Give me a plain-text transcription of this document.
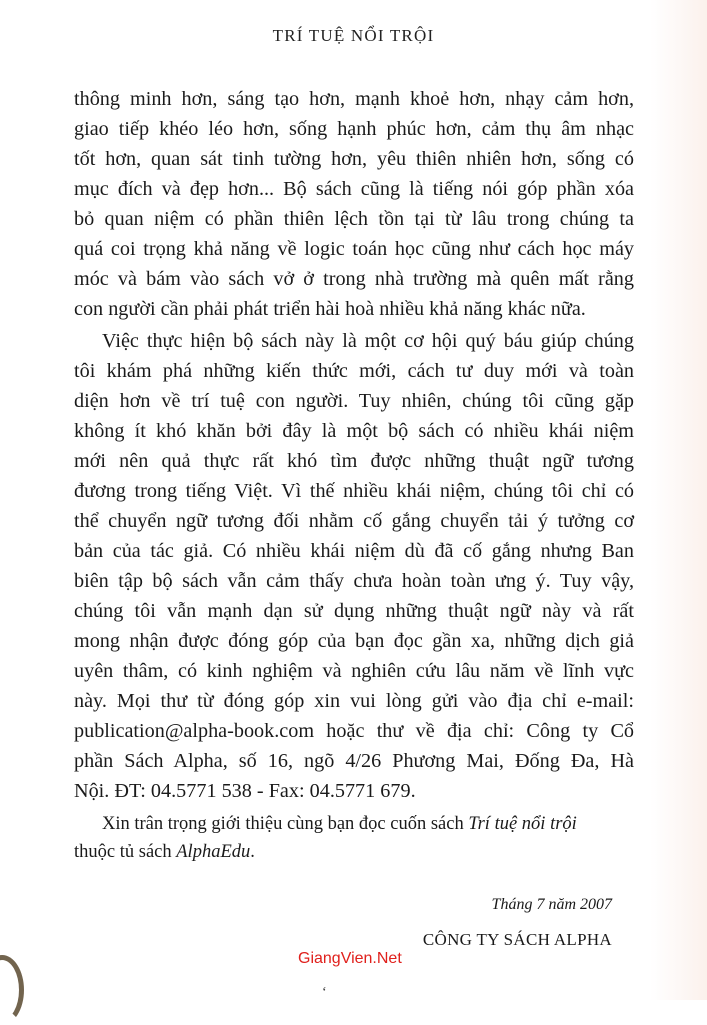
TRÍ TUỆ NỔI TRỘI
thông minh hơn, sáng tạo hơn, mạnh khoẻ hơn, nhạy cảm hơn,
giao tiếp khéo léo hơn, sống hạnh phúc hơn, cảm thụ âm nhạc
tốt hơn, quan sát tinh tường hơn, yêu thiên nhiên hơn, sống có
mục đích và đẹp hơn... Bộ sách cũng là tiếng nói góp phần xóa
bỏ quan niệm có phần thiên lệch tồn tại từ lâu trong chúng ta
quá coi trọng khả năng về logic toán học cũng như cách học máy
móc và bám vào sách vở ở trong nhà trường mà quên mất rằng
con người cần phải phát triển hài hoà nhiều khả năng khác nữa.
Việc thực hiện bộ sách này là một cơ hội quý báu giúp chúng
tôi khám phá những kiến thức mới, cách tư duy mới và toàn
diện hơn về trí tuệ con người. Tuy nhiên, chúng tôi cũng gặp
không ít khó khăn bởi đây là một bộ sách có nhiều khái niệm
mới nên quả thực rất khó tìm được những thuật ngữ tương
đương trong tiếng Việt. Vì thế nhiều khái niệm, chúng tôi chỉ có
thể chuyển ngữ tương đối nhằm cố gắng chuyển tải ý tưởng cơ
bản của tác giả. Có nhiều khái niệm dù đã cố gắng nhưng Ban
biên tập bộ sách vẫn cảm thấy chưa hoàn toàn ưng ý. Tuy vậy,
chúng tôi vẫn mạnh dạn sử dụng những thuật ngữ này và rất
mong nhận được đóng góp của bạn đọc gần xa, những dịch giả
uyên thâm, có kinh nghiệm và nghiên cứu lâu năm về lĩnh vực
này. Mọi thư từ đóng góp xin vui lòng gửi vào địa chỉ e-mail:
publication@alpha-book.com hoặc thư về địa chỉ: Công ty Cổ
phần Sách Alpha, số 16, ngõ 4/26 Phương Mai, Đống Đa, Hà
Nội. ĐT: 04.5771 538 - Fax: 04.5771 679.
Xin trân trọng giới thiệu cùng bạn đọc cuốn sách Trí tuệ nổi trội
thuộc tủ sách AlphaEdu.
Tháng 7 năm 2007
CÔNG TY SÁCH ALPHA
GiangVien.Net
ʻ
